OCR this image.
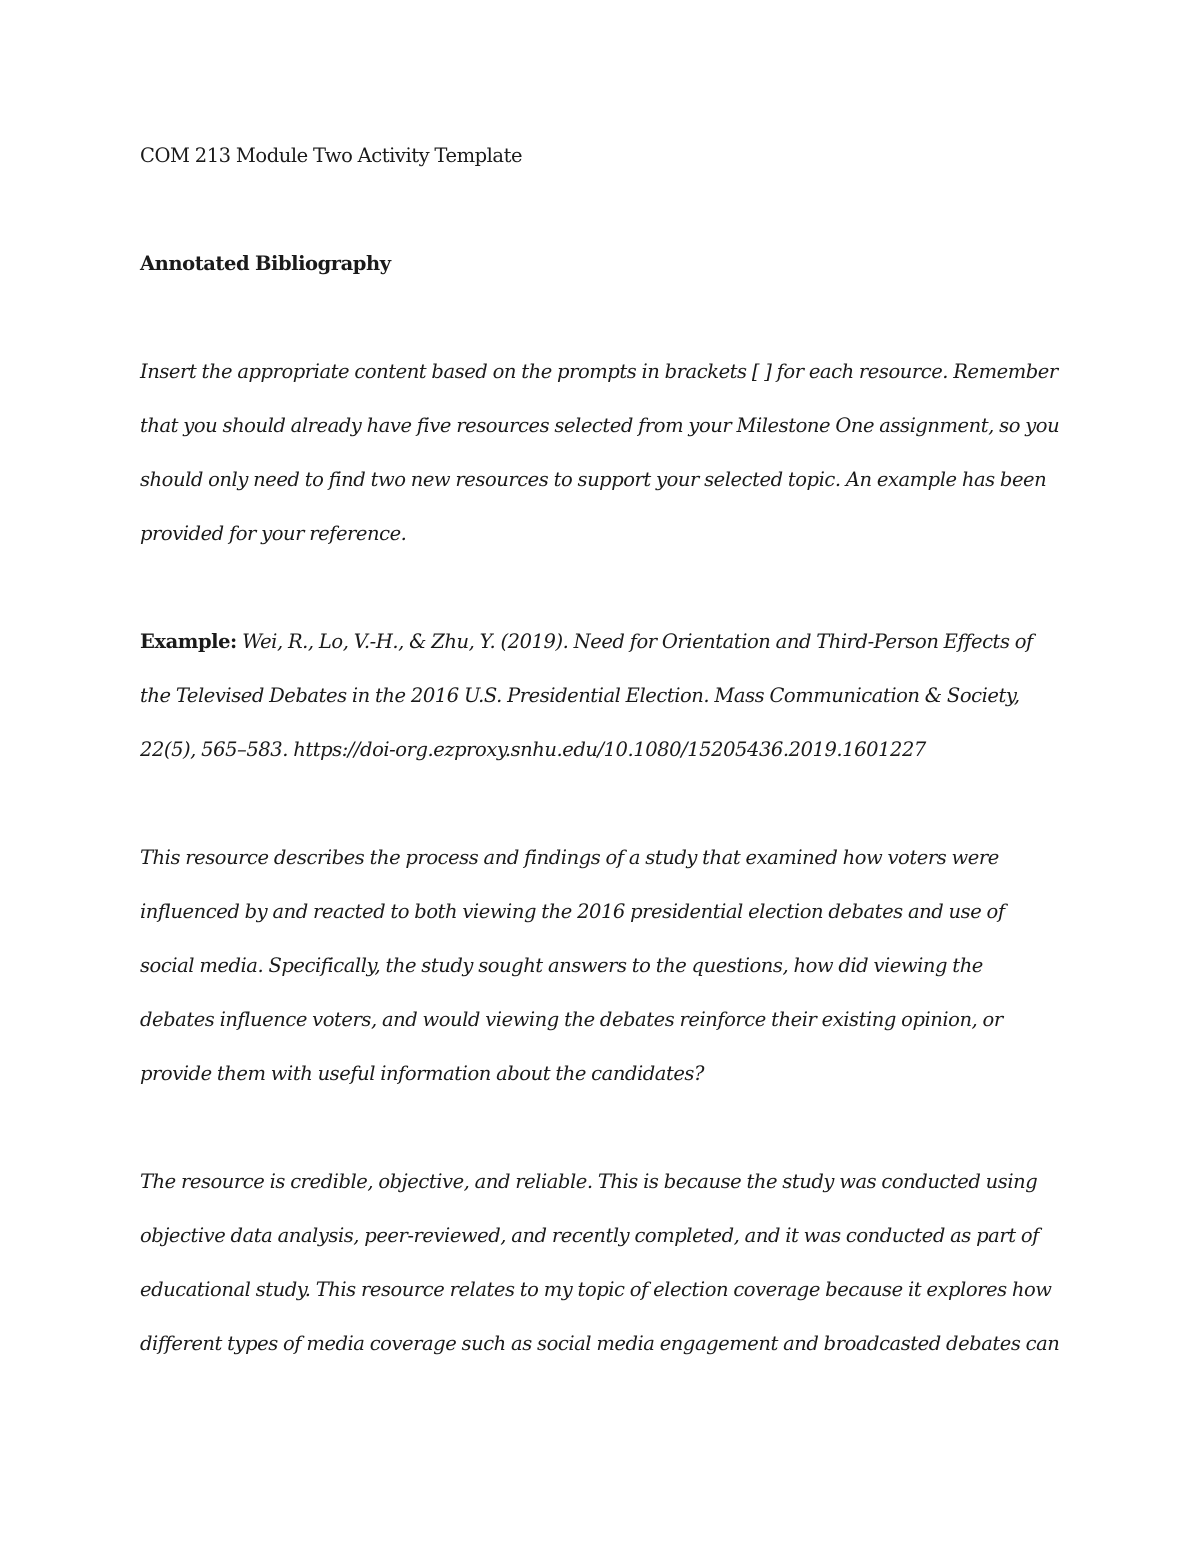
COM 213 Module Two Activity Template

Annotated Bibliography

Insert the appropriate content based on the prompts in brackets [ ] for each resource. Remember

that you should already have five resources selected from your Milestone One assignment, so you

should only need to find two new resources to support your selected topic. An example has been

provided for your reference.

Example: Wei, R., Lo, V.-H., & Zhu, Y. (2019). Need for Orientation and Third-Person Effects of

the Televised Debates in the 2016 U.S. Presidential Election. Mass Communication & Society,

22(5), 565–583. https://doi-org.ezproxy.snhu.edu/10.1080/15205436.2019.1601227

This resource describes the process and findings of a study that examined how voters were

influenced by and reacted to both viewing the 2016 presidential election debates and use of

social media. Specifically, the study sought answers to the questions, how did viewing the

debates influence voters, and would viewing the debates reinforce their existing opinion, or

provide them with useful information about the candidates?

The resource is credible, objective, and reliable. This is because the study was conducted using

objective data analysis, peer-reviewed, and recently completed, and it was conducted as part of

educational study. This resource relates to my topic of election coverage because it explores how

different types of media coverage such as social media engagement and broadcasted debates can
